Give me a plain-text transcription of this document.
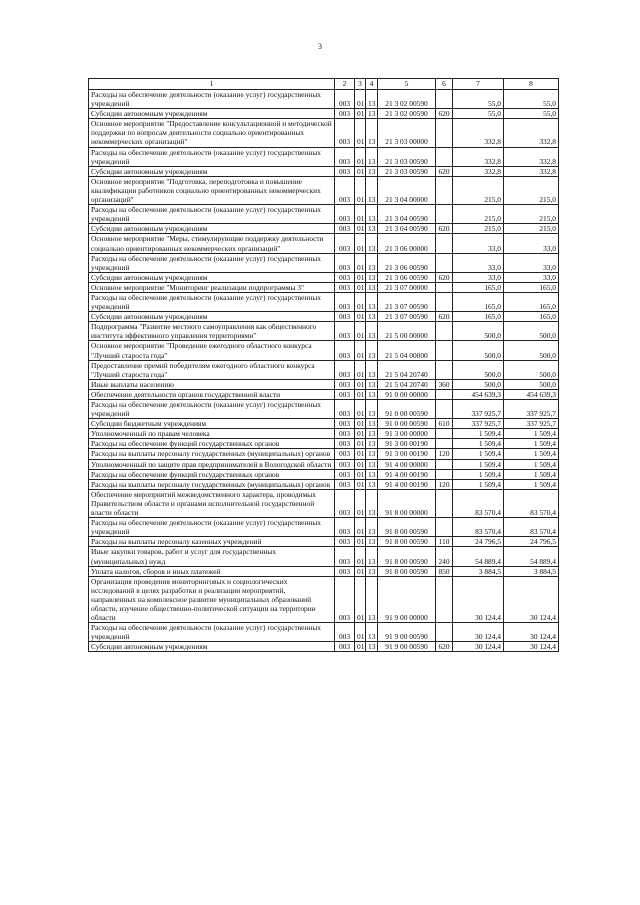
3
1	2	3	4	5	6	7	8
Расходы на обеспечение деятельности (оказание услуг) государственных учреждений	003	01	13	21 3 02 00590		55,0	55,0
Субсидии автономным учреждениям	003	01	13	21 3 02 00590	620	55,0	55,0
Основное мероприятие "Предоставление консультационной и методической поддержки по вопросам деятельности социально ориентированных некоммерческих организаций"	003	01	13	21 3 03 00000		332,8	332,8
Расходы на обеспечение деятельности (оказание услуг) государственных учреждений	003	01	13	21 3 03 00590		332,8	332,8
Субсидии автономным учреждениям	003	01	13	21 3 03 00590	620	332,8	332,8
Основное мероприятие "Подготовка, переподготовка и повышение квалификации работников социально ориентированных некоммерческих организаций"	003	01	13	21 3 04 00000		215,0	215,0
Расходы на обеспечение деятельности (оказание услуг) государственных учреждений	003	01	13	21 3 04 00590		215,0	215,0
Субсидии автономным учреждениям	003	01	13	21 3 04 00590	620	215,0	215,0
Основное мероприятие "Меры, стимулирующие поддержку деятельности социально ориентированных некоммерческих организаций"	003	01	13	21 3 06 00000		33,0	33,0
Расходы на обеспечение деятельности (оказание услуг) государственных учреждений	003	01	13	21 3 06 00590		33,0	33,0
Субсидии автономным учреждениям	003	01	13	21 3 06 00590	620	33,0	33,0
Основное мероприятие "Мониторинг реализации подпрограммы 3"	003	01	13	21 3 07 00000		165,0	165,0
Расходы на обеспечение деятельности (оказание услуг) государственных учреждений	003	01	13	21 3 07 00590		165,0	165,0
Субсидии автономным учреждениям	003	01	13	21 3 07 00590	620	165,0	165,0
Подпрограмма "Развитие местного самоуправления как общественного института эффективного управления территориями"	003	01	13	21 5 00 00000		500,0	500,0
Основное мероприятие "Проведение ежегодного областного конкурса "Лучший староста года"	003	01	13	21 5 04 00000		500,0	500,0
Предоставление премий победителям ежегодного областного конкурса "Лучший староста года"	003	01	13	21 5 04 20740		500,0	500,0
Иные выплаты населению	003	01	13	21 5 04 20740	360	500,0	500,0
Обеспечение деятельности органов государственной власти	003	01	13	91 0 00 00000		454 639,3	454 639,3
Расходы на обеспечение деятельности (оказание услуг) государственных учреждений	003	01	13	91 0 00 00590		337 925,7	337 925,7
Субсидии бюджетным учреждениям	003	01	13	91 0 00 00590	610	337 925,7	337 925,7
Уполномоченный по правам человека	003	01	13	91 3 00 00000		1 509,4	1 509,4
Расходы на обеспечение функций государственных органов	003	01	13	91 3 00 00190		1 509,4	1 509,4
Расходы на выплаты персоналу государственных (муниципальных) органов	003	01	13	91 3 00 00190	120	1 509,4	1 509,4
Уполномоченный по защите прав предпринимателей в Вологодской области	003	01	13	91 4 00 00000		1 509,4	1 509,4
Расходы на обеспечение функций государственных органов	003	01	13	91 4 00 00190		1 509,4	1 509,4
Расходы на выплаты персоналу государственных (муниципальных) органов	003	01	13	91 4 00 00190	120	1 509,4	1 509,4
Обеспечение мероприятий межведомственного характера, проводимых Правительством области и органами исполнительной государственной власти области	003	01	13	91 8 00 00000		83 570,4	83 570,4
Расходы на обеспечение деятельности (оказание услуг) государственных учреждений	003	01	13	91 8 00 00590		83 570,4	83 570,4
Расходы на выплаты персоналу казенных учреждений	003	01	13	91 8 00 00590	110	24 796,5	24 796,5
Иные закупки товаров, работ и услуг для государственных (муниципальных) нужд	003	01	13	91 8 00 00590	240	54 889,4	54 889,4
Уплата налогов, сборов и иных платежей	003	01	13	91 8 00 00590	850	3 884,5	3 884,5
Организация проведения мониторинговых и социологических исследований в целях разработки и реализации мероприятий, направленных на комплексное развитие муниципальных образований области, изучение общественно-политической ситуации на территории области	003	01	13	91 9 00 00000		30 124,4	30 124,4
Расходы на обеспечение деятельности (оказание услуг) государственных учреждений	003	01	13	91 9 00 00590		30 124,4	30 124,4
Субсидии автономным учреждениям	003	01	13	91 9 00 00590	620	30 124,4	30 124,4
